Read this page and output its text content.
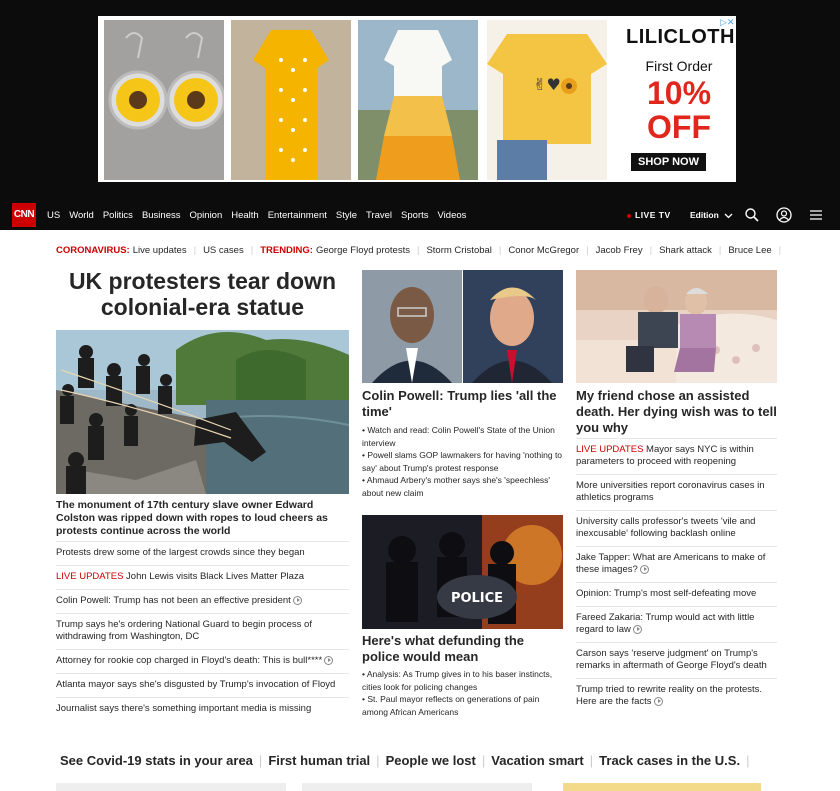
✌♥
▷✕
LILICLOTH
First Order
10%
OFF
SHOP NOW
CNN US World Politics Business Opinion Health Entertainment Style Travel Sports Videos	LIVE TV Edition
CORONAVIRUS: Live updates | US cases | TRENDING: George Floyd protests | Storm Cristobal | Conor McGregor | Jacob Frey | Shark attack | Bruce Lee |
UK protesters tear down colonial-era statue
The monument of 17th century slave owner Edward Colston was ripped down with ropes to loud cheers as protests continue across the world
Protests drew some of the largest crowds since they began
LIVE UPDATES John Lewis visits Black Lives Matter Plaza
Colin Powell: Trump has not been an effective president
Trump says he's ordering National Guard to begin process of withdrawing from Washington, DC
Attorney for rookie cop charged in Floyd's death: This is bull****
Atlanta mayor says she's disgusted by Trump's invocation of Floyd
Journalist says there's something important media is missing
Colin Powell: Trump lies 'all the time'
• Watch and read: Colin Powell's State of the Union interview
• Powell slams GOP lawmakers for having 'nothing to say' about Trump's protest response
• Ahmaud Arbery's mother says she's 'speechless' about new claim
POLICE
Here's what defunding the police would mean
• Analysis: As Trump gives in to his baser instincts, cities look for policing changes
• St. Paul mayor reflects on generations of pain among African Americans
My friend chose an assisted death. Her dying wish was to tell you why
LIVE UPDATES Mayor says NYC is within parameters to proceed with reopening
More universities report coronavirus cases in athletics programs
University calls professor's tweets 'vile and inexcusable' following backlash online
Jake Tapper: What are Americans to make of these images?
Opinion: Trump's most self-defeating move
Fareed Zakaria: Trump would act with little regard to law
Carson says 'reserve judgment' on Trump's remarks in aftermath of George Floyd's death
Trump tried to rewrite reality on the protests. Here are the facts
See Covid-19 stats in your area | First human trial | People we lost | Vacation smart | Track cases in the U.S. |
